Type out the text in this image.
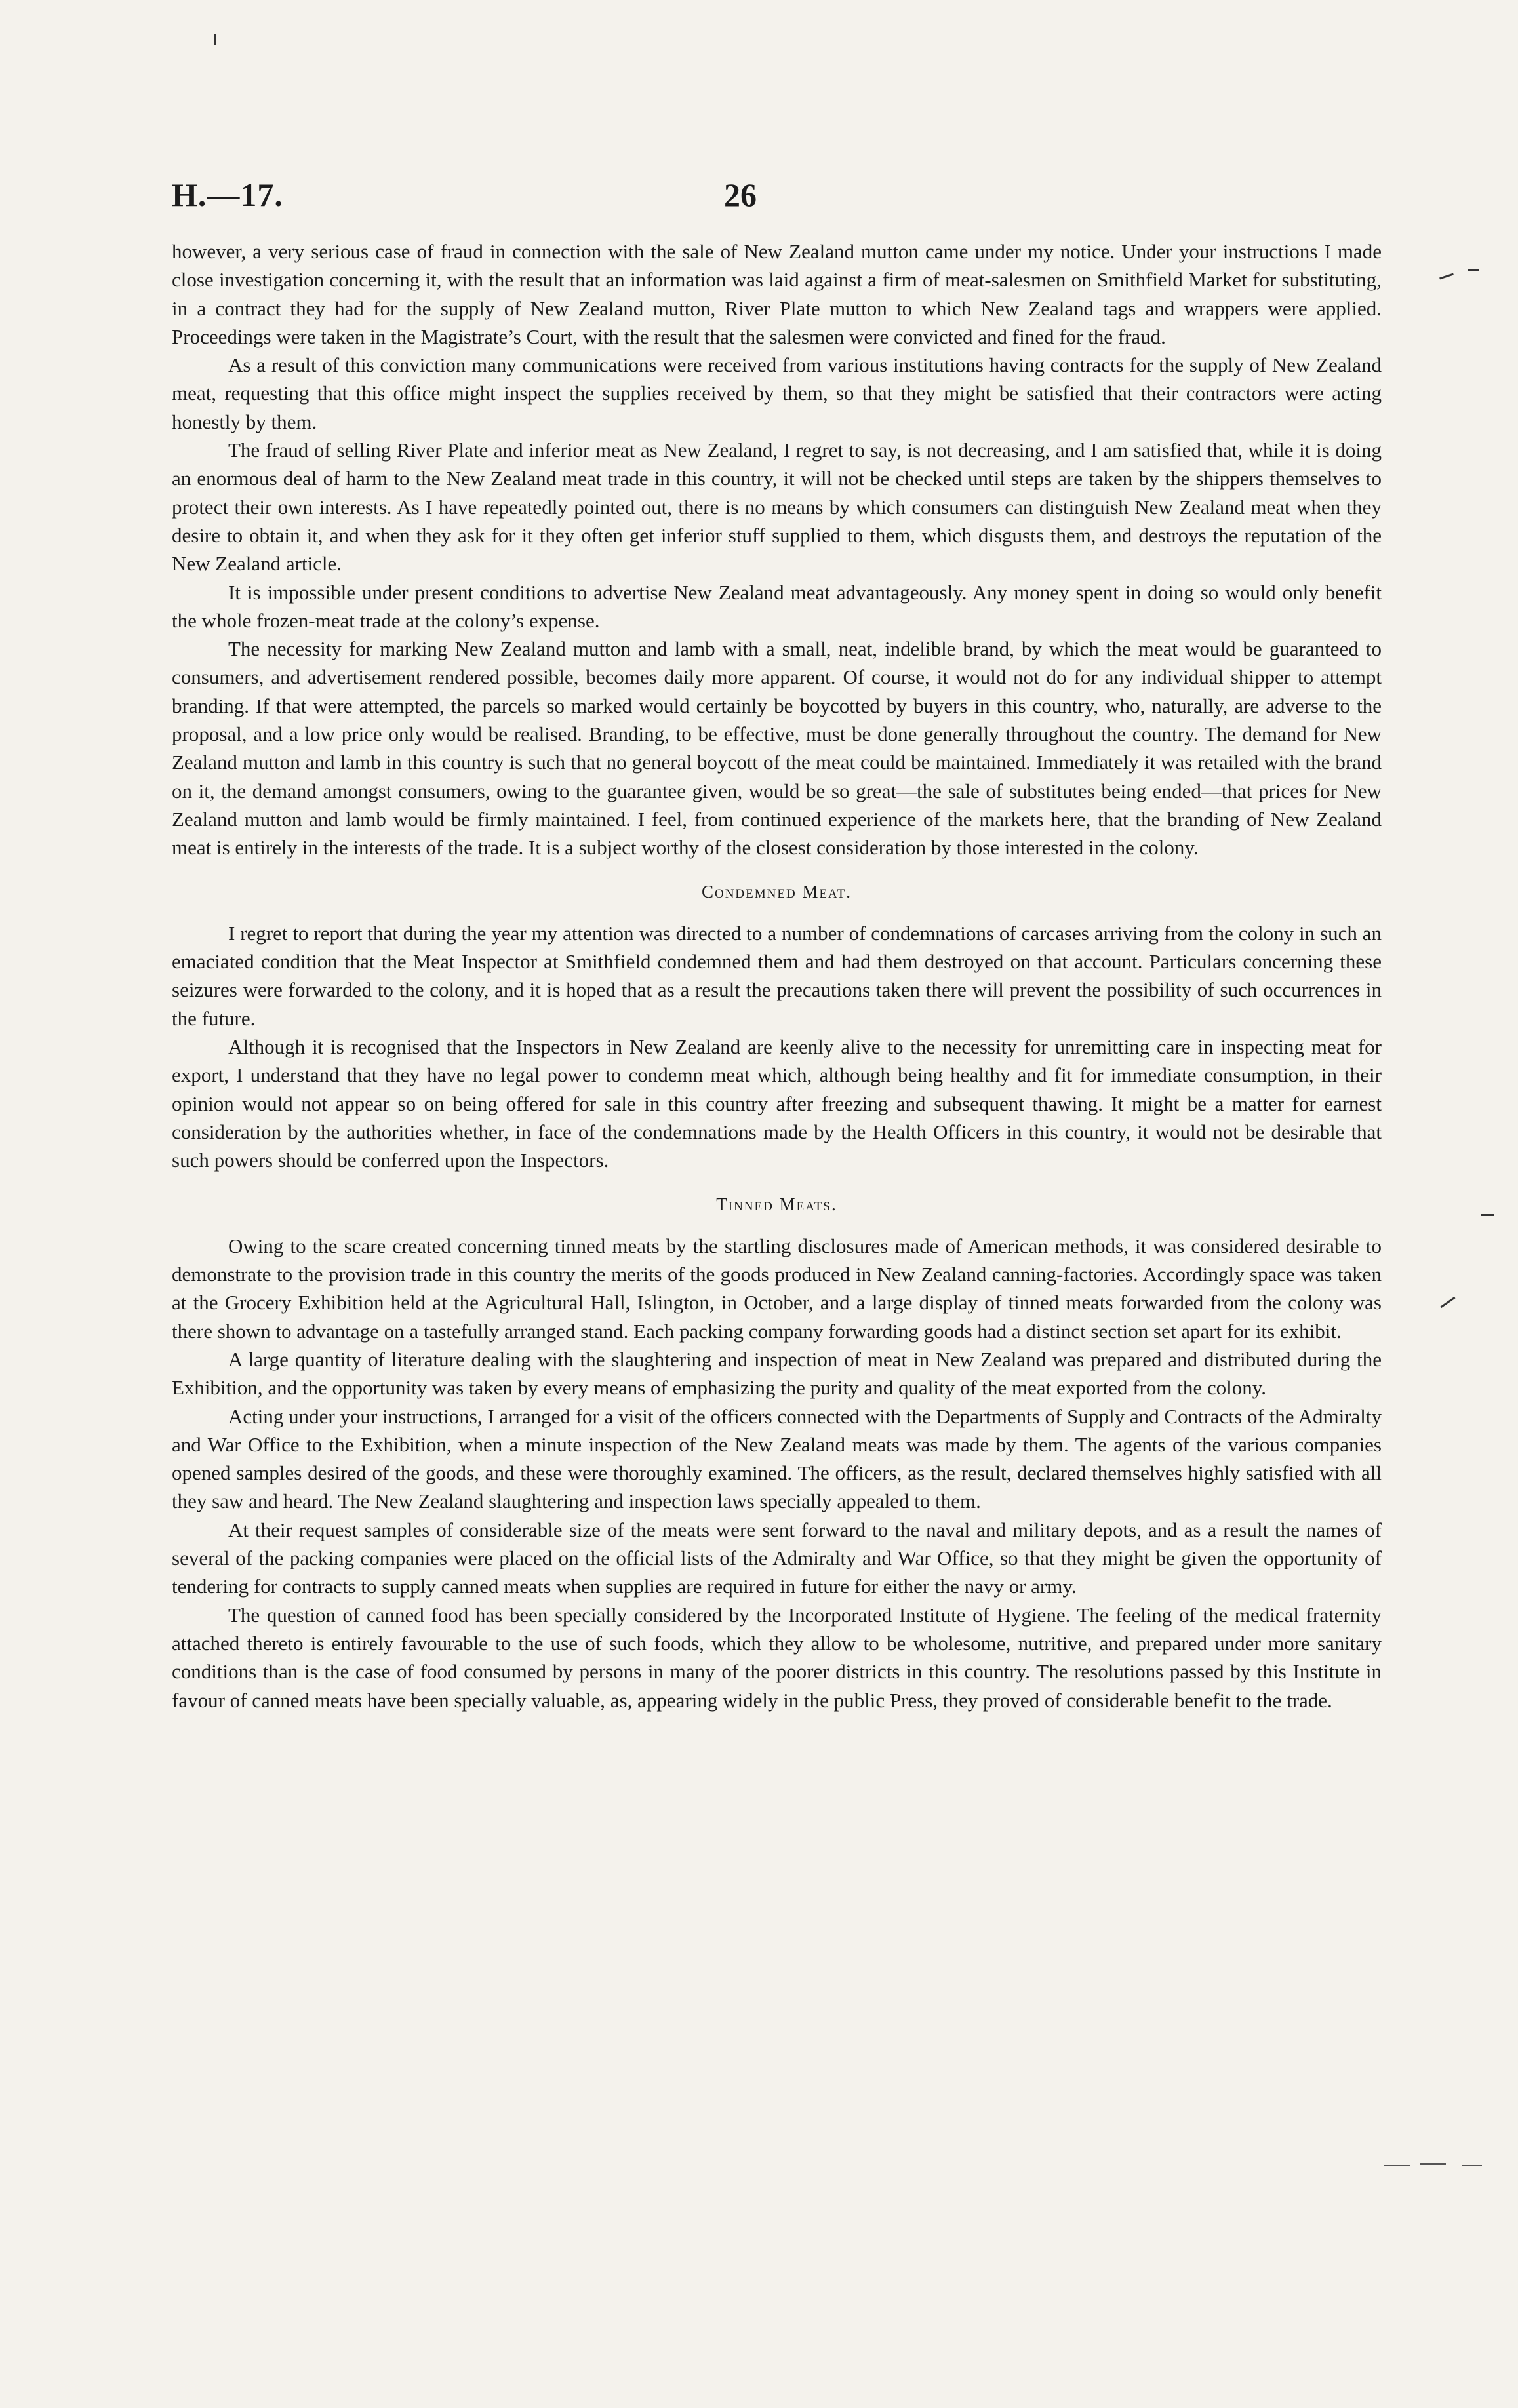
H.—17.	26

however, a very serious case of fraud in connection with the sale of New Zealand mutton came under my notice. Under your instructions I made close investigation concerning it, with the result that an information was laid against a firm of meat-salesmen on Smithfield Market for substituting, in a contract they had for the supply of New Zealand mutton, River Plate mutton to which New Zealand tags and wrappers were applied. Proceedings were taken in the Magistrate’s Court, with the result that the salesmen were convicted and fined for the fraud.

As a result of this conviction many communications were received from various institutions having contracts for the supply of New Zealand meat, requesting that this office might inspect the supplies received by them, so that they might be satisfied that their contractors were acting honestly by them.

The fraud of selling River Plate and inferior meat as New Zealand, I regret to say, is not decreasing, and I am satisfied that, while it is doing an enormous deal of harm to the New Zealand meat trade in this country, it will not be checked until steps are taken by the shippers themselves to protect their own interests. As I have repeatedly pointed out, there is no means by which consumers can distinguish New Zealand meat when they desire to obtain it, and when they ask for it they often get inferior stuff supplied to them, which disgusts them, and destroys the reputation of the New Zealand article.

It is impossible under present conditions to advertise New Zealand meat advantageously. Any money spent in doing so would only benefit the whole frozen-meat trade at the colony’s expense.

The necessity for marking New Zealand mutton and lamb with a small, neat, indelible brand, by which the meat would be guaranteed to consumers, and advertisement rendered possible, becomes daily more apparent. Of course, it would not do for any individual shipper to attempt branding. If that were attempted, the parcels so marked would certainly be boycotted by buyers in this country, who, naturally, are adverse to the proposal, and a low price only would be realised. Branding, to be effective, must be done generally throughout the country. The demand for New Zealand mutton and lamb in this country is such that no general boycott of the meat could be maintained. Immediately it was retailed with the brand on it, the demand amongst consumers, owing to the guarantee given, would be so great—the sale of substitutes being ended—that prices for New Zealand mutton and lamb would be firmly maintained. I feel, from continued experience of the markets here, that the branding of New Zealand meat is entirely in the interests of the trade. It is a subject worthy of the closest consideration by those interested in the colony.

Condemned Meat.

I regret to report that during the year my attention was directed to a number of condemnations of carcases arriving from the colony in such an emaciated condition that the Meat Inspector at Smithfield condemned them and had them destroyed on that account. Particulars concerning these seizures were forwarded to the colony, and it is hoped that as a result the precautions taken there will prevent the possibility of such occurrences in the future.

Although it is recognised that the Inspectors in New Zealand are keenly alive to the necessity for unremitting care in inspecting meat for export, I understand that they have no legal power to condemn meat which, although being healthy and fit for immediate consumption, in their opinion would not appear so on being offered for sale in this country after freezing and subsequent thawing. It might be a matter for earnest consideration by the authorities whether, in face of the condemnations made by the Health Officers in this country, it would not be desirable that such powers should be conferred upon the Inspectors.

Tinned Meats.

Owing to the scare created concerning tinned meats by the startling disclosures made of American methods, it was considered desirable to demonstrate to the provision trade in this country the merits of the goods produced in New Zealand canning-factories. Accordingly space was taken at the Grocery Exhibition held at the Agricultural Hall, Islington, in October, and a large display of tinned meats forwarded from the colony was there shown to advantage on a tastefully arranged stand. Each packing company forwarding goods had a distinct section set apart for its exhibit.

A large quantity of literature dealing with the slaughtering and inspection of meat in New Zealand was prepared and distributed during the Exhibition, and the opportunity was taken by every means of emphasizing the purity and quality of the meat exported from the colony.

Acting under your instructions, I arranged for a visit of the officers connected with the Departments of Supply and Contracts of the Admiralty and War Office to the Exhibition, when a minute inspection of the New Zealand meats was made by them. The agents of the various companies opened samples desired of the goods, and these were thoroughly examined. The officers, as the result, declared themselves highly satisfied with all they saw and heard. The New Zealand slaughtering and inspection laws specially appealed to them.

At their request samples of considerable size of the meats were sent forward to the naval and military depots, and as a result the names of several of the packing companies were placed on the official lists of the Admiralty and War Office, so that they might be given the opportunity of tendering for contracts to supply canned meats when supplies are required in future for either the navy or army.

The question of canned food has been specially considered by the Incorporated Institute of Hygiene. The feeling of the medical fraternity attached thereto is entirely favourable to the use of such foods, which they allow to be wholesome, nutritive, and prepared under more sanitary conditions than is the case of food consumed by persons in many of the poorer districts in this country. The resolutions passed by this Institute in favour of canned meats have been specially valuable, as, appearing widely in the public Press, they proved of considerable benefit to the trade.
